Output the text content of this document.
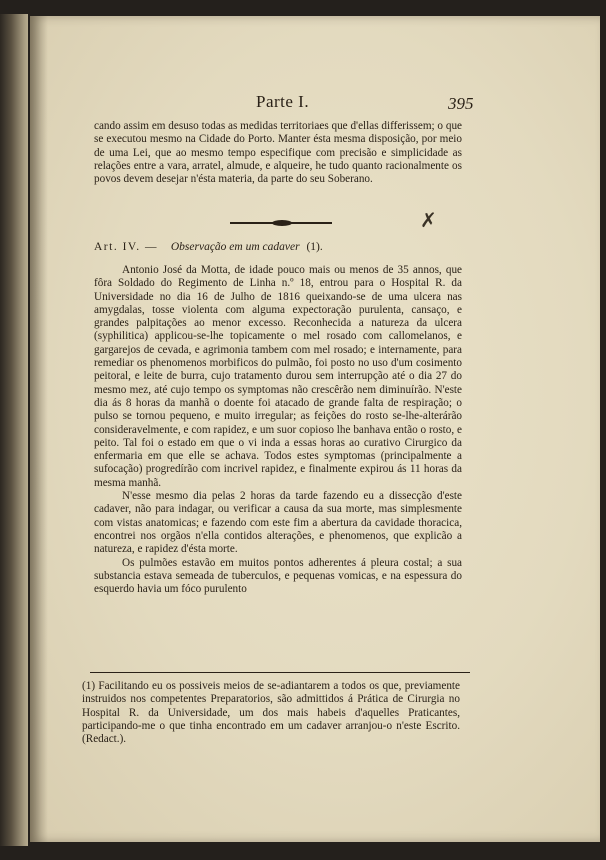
Parte I.	395
cando assim em desuso todas as medidas territoriaes que d'ellas differissem; o que se executou mesmo na Cidade do Porto. Manter ésta mesma disposição, por meio de uma Lei, que ao mesmo tempo especifique com precisão e simplicidade as relações entre a vara, arratel, almude, e alqueire, he tudo quanto racionalmente os povos devem desejar n'ésta materia, da parte do seu Soberano.
✗
Art. IV. — Observação em um cadaver (1).

Antonio José da Motta, de idade pouco mais ou menos de 35 annos, que fôra Soldado do Regimento de Linha n.º 18, entrou para o Hospital R. da Universidade no dia 16 de Julho de 1816 queixando-se de uma ulcera nas amygdalas, tosse violenta com alguma expectoração purulenta, cansaço, e grandes palpitações ao menor excesso. Reconhecida a natureza da ulcera (syphilitica) applicou-se-lhe topicamente o mel rosado com callomelanos, e gargarejos de cevada, e agrimonia tambem com mel rosado; e internamente, para remediar os phenomenos morbificos do pulmão, foi posto no uso d'um cosimento peitoral, e leite de burra, cujo tratamento durou sem interrupção até o dia 27 do mesmo mez, até cujo tempo os symptomas não crescêrão nem diminuírão. N'este dia ás 8 horas da manhã o doente foi atacado de grande falta de respiração; o pulso se tornou pequeno, e muito irregular; as feições do rosto se-lhe-alterárão consideravelmente, e com rapidez, e um suor copioso lhe banhava então o rosto, e peito. Tal foi o estado em que o vi inda a essas horas ao curativo Cirurgico da enfermaria em que elle se achava. Todos estes symptomas (principalmente a sufocação) progredírão com incrivel rapidez, e finalmente expirou ás 11 horas da mesma manhã.

N'esse mesmo dia pelas 2 horas da tarde fazendo eu a dissecção d'este cadaver, não para indagar, ou verificar a causa da sua morte, mas simplesmente com vistas anatomicas; e fazendo com este fim a abertura da cavidade thoracica, encontrei nos orgãos n'ella contidos alterações, e phenomenos, que explicão a natureza, e rapidez d'ésta morte.

Os pulmões estavão em muitos pontos adherentes á pleura costal; a sua substancia estava semeada de tuberculos, e pequenas vomicas, e na espessura do esquerdo havia um fóco purulento

(1) Facilitando eu os possiveis meios de se-adiantarem a todos os que, previamente instruidos nos competentes Preparatorios, são admittidos á Prática de Cirurgia no Hospital R. da Universidade, um dos mais habeis d'aquelles Praticantes, participando-me o que tinha encontrado em um cadaver arranjou-o n'este Escrito. (Redact.).
